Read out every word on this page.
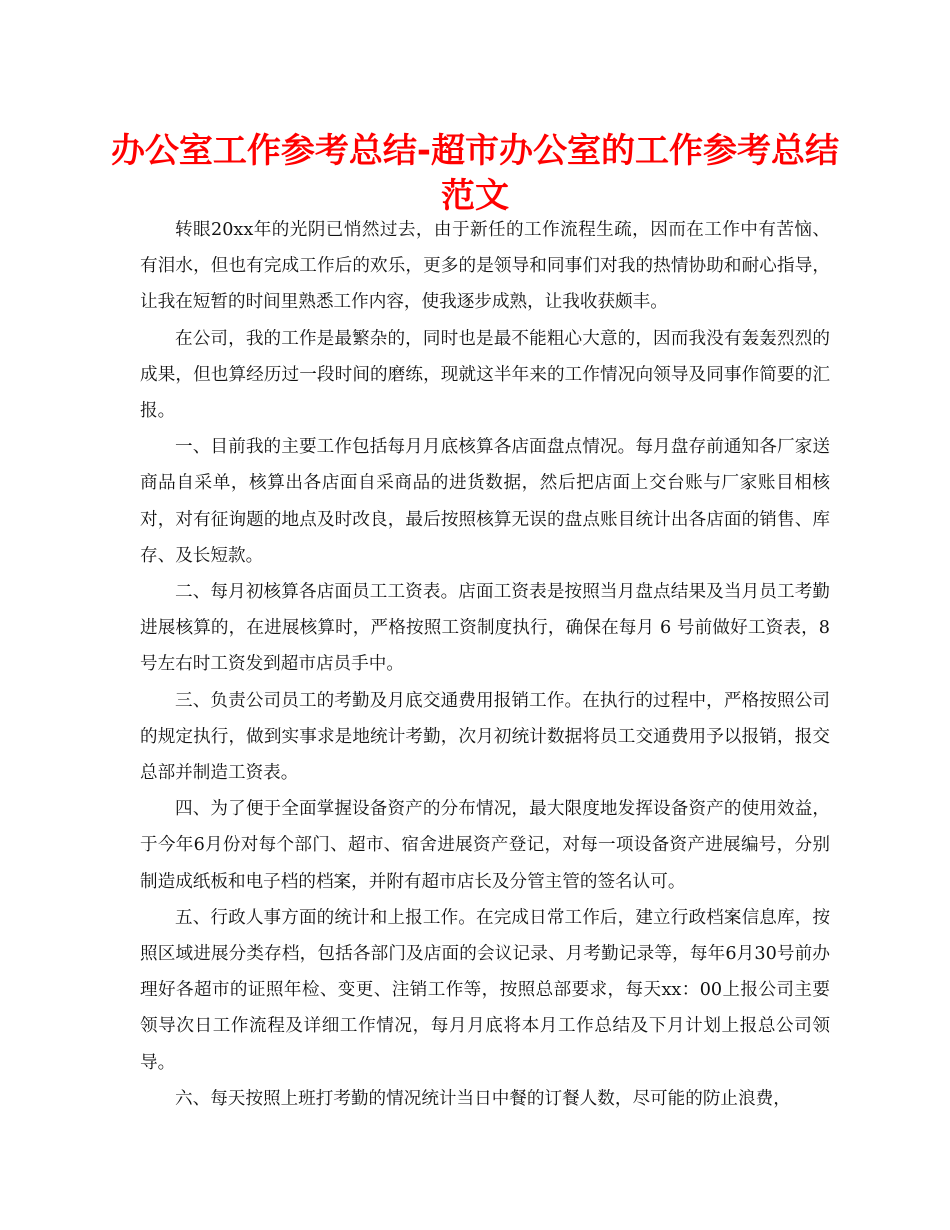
办公室工作参考总结-超市办公室的工作参考总结
范文

转眼20xx年的光阴已悄然过去，由于新任的工作流程生疏，因而在工作中有苦恼、有泪水，但也有完成工作后的欢乐，更多的是领导和同事们对我的热情协助和耐心指导，让我在短暂的时间里熟悉工作内容，使我逐步成熟，让我收获颇丰。

在公司，我的工作是最繁杂的，同时也是最不能粗心大意的，因而我没有轰轰烈烈的成果，但也算经历过一段时间的磨练，现就这半年来的工作情况向领导及同事作简要的汇报。

一、目前我的主要工作包括每月月底核算各店面盘点情况。每月盘存前通知各厂家送商品自采单，核算出各店面自采商品的进货数据，然后把店面上交台账与厂家账目相核对，对有征询题的地点及时改良，最后按照核算无误的盘点账目统计出各店面的销售、库存、及长短款。

二、每月初核算各店面员工工资表。店面工资表是按照当月盘点结果及当月员工考勤进展核算的，在进展核算时，严格按照工资制度执行，确保在每月 6 号前做好工资表，8 号左右时工资发到超市店员手中。

三、负责公司员工的考勤及月底交通费用报销工作。在执行的过程中，严格按照公司的规定执行，做到实事求是地统计考勤，次月初统计数据将员工交通费用予以报销，报交总部并制造工资表。

四、为了便于全面掌握设备资产的分布情况，最大限度地发挥设备资产的使用效益，于今年6月份对每个部门、超市、宿舍进展资产登记，对每一项设备资产进展编号，分别制造成纸板和电子档的档案，并附有超市店长及分管主管的签名认可。

五、行政人事方面的统计和上报工作。在完成日常工作后，建立行政档案信息库，按照区域进展分类存档，包括各部门及店面的会议记录、月考勤记录等，每年6月30号前办理好各超市的证照年检、变更、注销工作等，按照总部要求，每天xx：00上报公司主要领导次日工作流程及详细工作情况，每月月底将本月工作总结及下月计划上报总公司领导。

六、每天按照上班打考勤的情况统计当日中餐的订餐人数，尽可能的防止浪费，
